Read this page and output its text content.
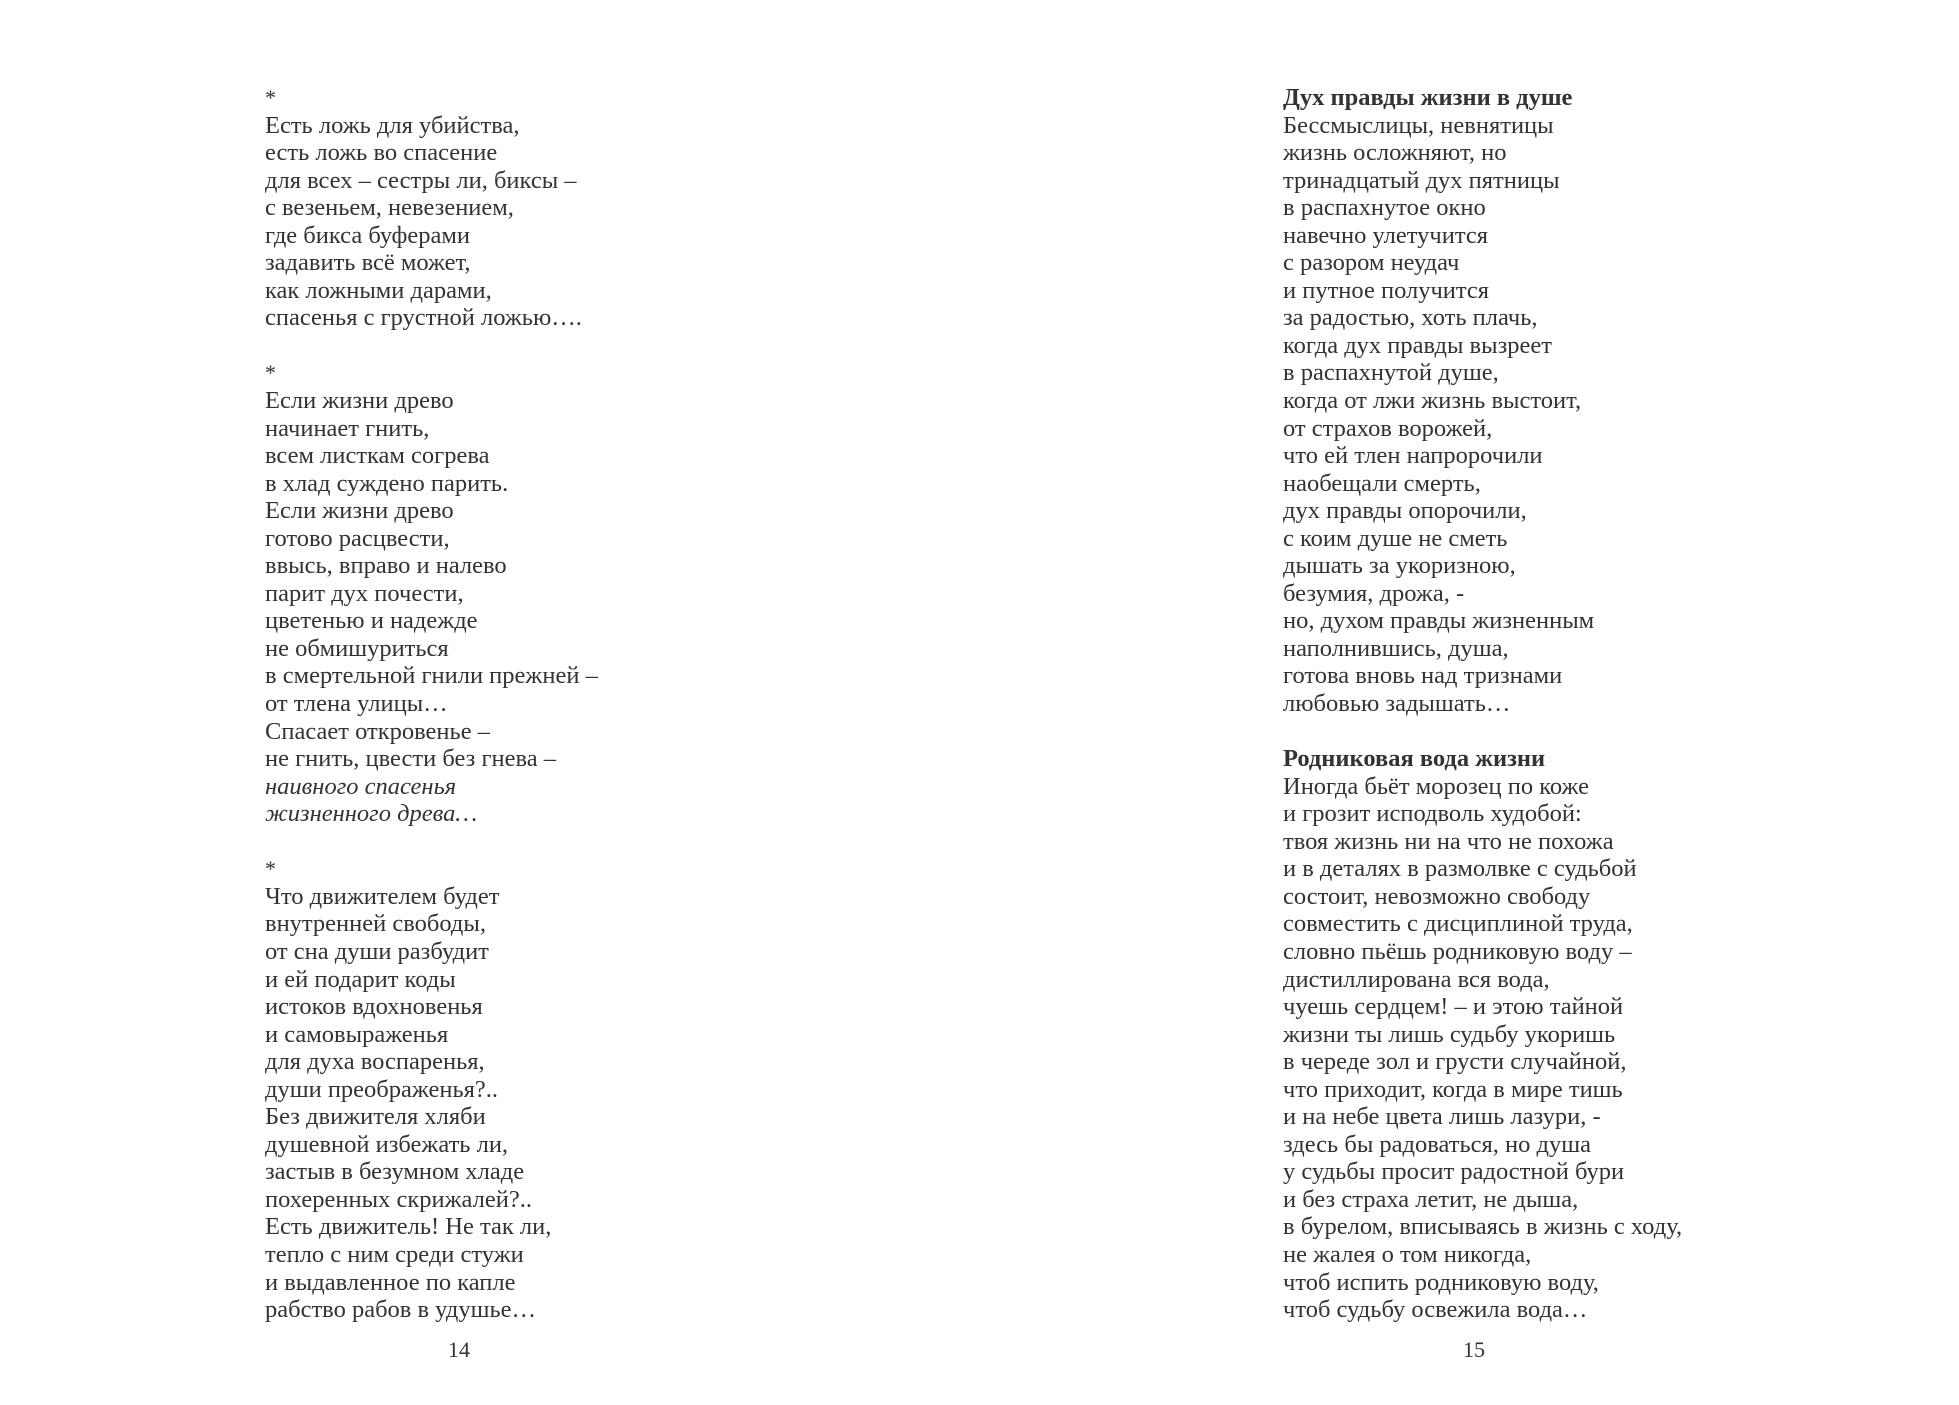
*
Есть ложь для убийства,
есть ложь во спасение
для всех – сестры ли, биксы –
с везеньем, невезением,
где бикса буферами
задавить всё может,
как ложными дарами,
спасенья с грустной ложью….
*
Если жизни древо
начинает гнить,
всем листкам согрева
в хлад суждено парить.
Если жизни древо
готово расцвести,
ввысь, вправо и налево
парит дух почести,
цветенью и надежде
не обмишуриться
в смертельной гнили прежней –
от тлена улицы…
Спасает откровенье –
не гнить, цвести без гнева –
наивного спасенья
жизненного древа…
*
Что движителем будет
внутренней свободы,
от сна души разбудит
и ей подарит коды
истоков вдохновенья
и самовыраженья
для духа воспаренья,
души преображенья?..
Без движителя хляби
душевной избежать ли,
застыв в безумном хладе
похеренных скрижалей?..
Есть движитель! Не так ли,
тепло с ним среди стужи
и выдавленное по капле
рабство рабов в удушье…
14
Дух правды жизни в душе
Бессмыслицы, невнятицы
жизнь осложняют, но
тринадцатый дух пятницы
в распахнутое окно
навечно улетучится
с разором неудач
и путное получится
за радостью, хоть плачь,
когда дух правды вызреет
в распахнутой душе,
когда от лжи жизнь выстоит,
от страхов ворожей,
что ей тлен напророчили
наобещали смерть,
дух правды опорочили,
с коим душе не сметь
дышать за укоризною,
безумия, дрожа, -
но, духом правды жизненным
наполнившись, душа,
готова вновь над тризнами
любовью задышать…
Родниковая вода жизни
Иногда бьёт морозец по коже
и грозит исподволь худобой:
твоя жизнь ни на что не похожа
и в деталях в размолвке с судьбой
состоит, невозможно свободу
совместить с дисциплиной труда,
словно пьёшь родниковую воду –
дистиллирована вся вода,
чуешь сердцем! – и этою тайной
жизни ты лишь судьбу укоришь
в череде зол и грусти случайной,
что приходит, когда в мире тишь
и на небе цвета лишь лазури, -
здесь бы радоваться, но душа
у судьбы просит радостной бури
и без страха летит, не дыша,
в бурелом, вписываясь в жизнь с ходу,
не жалея о том никогда,
чтоб испить родниковую воду,
чтоб судьбу освежила вода…
15
